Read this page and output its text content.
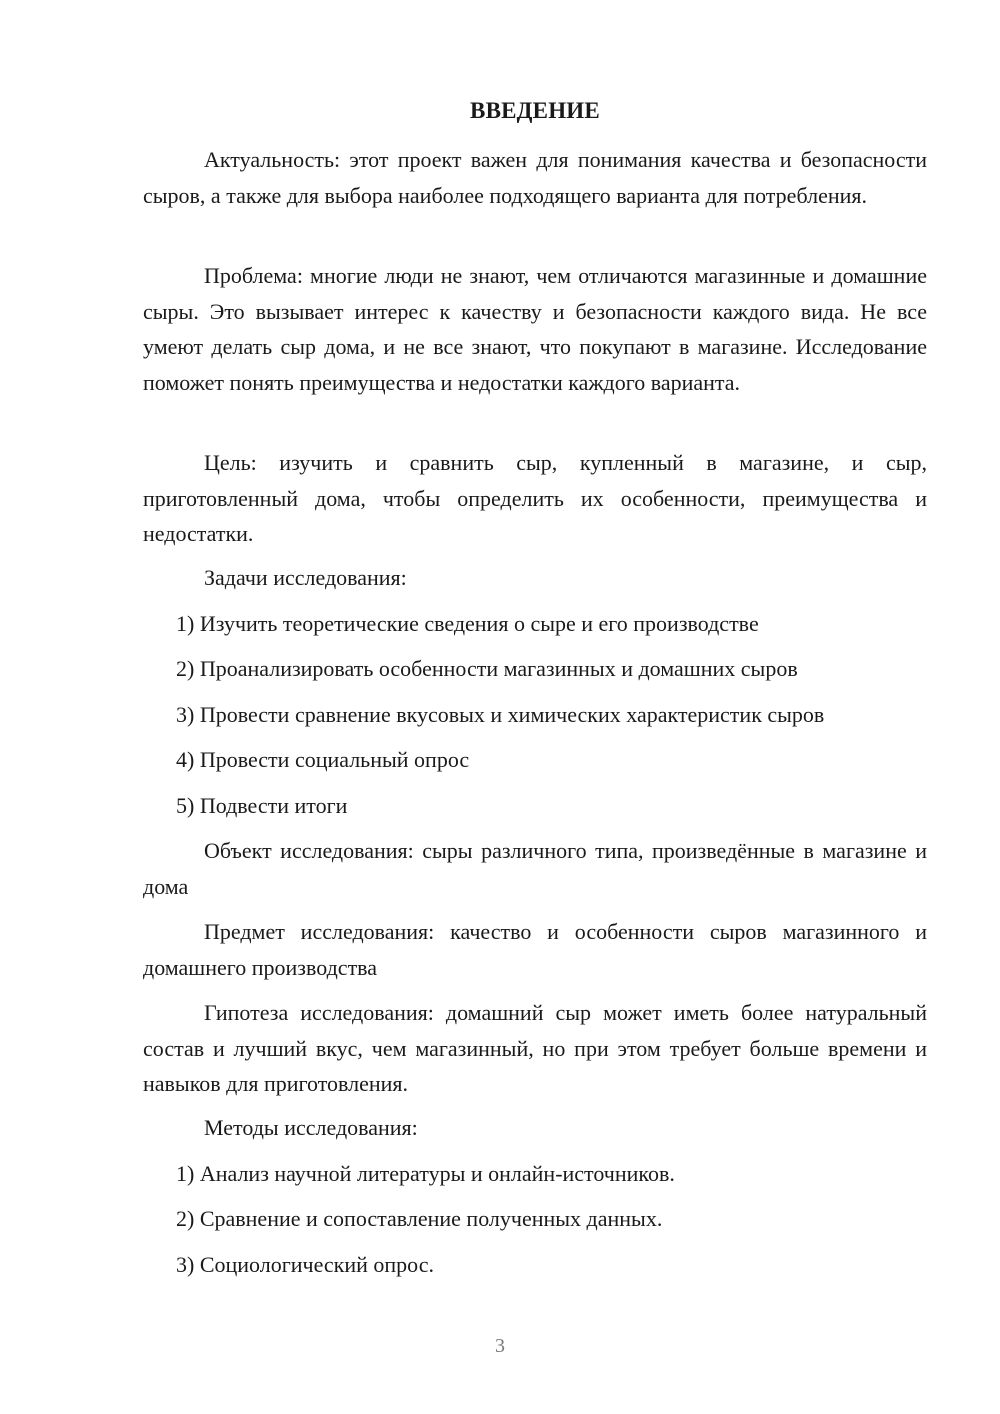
ВВЕДЕНИЕ

Актуальность: этот проект важен для понимания качества и безопасности сыров, а также для выбора наиболее подходящего варианта для потребления.

Проблема: многие люди не знают, чем отличаются магазинные и домашние сыры. Это вызывает интерес к качеству и безопасности каждого вида. Не все умеют делать сыр дома, и не все знают, что покупают в магазине. Исследование поможет понять преимущества и недостатки каждого варианта.

Цель: изучить и сравнить сыр, купленный в магазине, и сыр, приготовленный дома, чтобы определить их особенности, преимущества и недостатки.

Задачи исследования:

1) Изучить теоретические сведения о сыре и его производстве

2) Проанализировать особенности магазинных и домашних сыров

3) Провести сравнение вкусовых и химических характеристик сыров

4) Провести социальный опрос

5) Подвести итоги

Объект исследования: сыры различного типа, произведённые в магазине и дома

Предмет исследования: качество и особенности сыров магазинного и домашнего производства

Гипотеза исследования: домашний сыр может иметь более натуральный состав и лучший вкус, чем магазинный, но при этом требует больше времени и навыков для приготовления.

Методы исследования:

1) Анализ научной литературы и онлайн-источников.

2) Сравнение и сопоставление полученных данных.

3) Социологический опрос.

3
